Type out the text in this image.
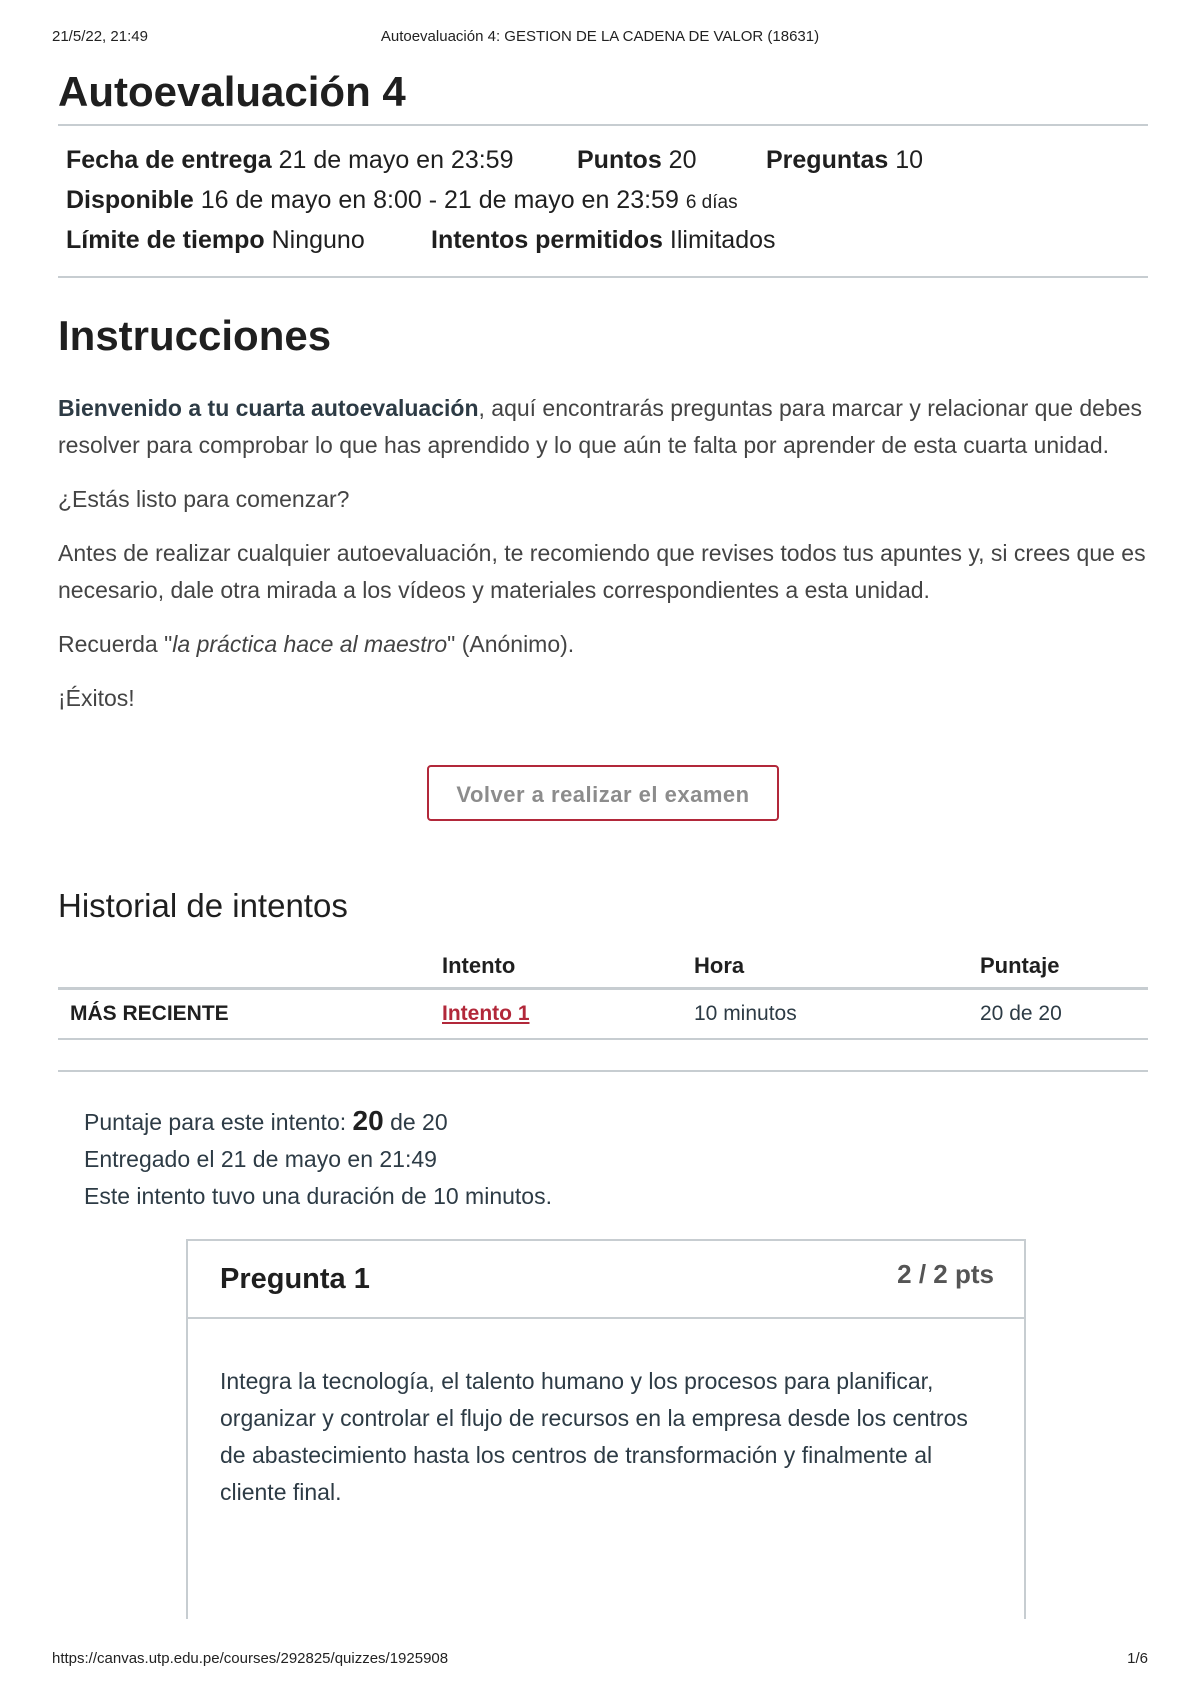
21/5/22, 21:49	Autoevaluación 4: GESTION DE LA CADENA DE VALOR (18631)
Autoevaluación 4
Fecha de entrega 21 de mayo en 23:59	Puntos 20	Preguntas 10
Disponible 16 de mayo en 8:00 - 21 de mayo en 23:59 6 días
Límite de tiempo Ninguno	Intentos permitidos Ilimitados
Instrucciones

Bienvenido a tu cuarta autoevaluación, aquí encontrarás preguntas para marcar y relacionar que debes resolver para comprobar lo que has aprendido y lo que aún te falta por aprender de esta cuarta unidad.

¿Estás listo para comenzar?

Antes de realizar cualquier autoevaluación, te recomiendo que revises todos tus apuntes y, si crees que es necesario, dale otra mirada a los vídeos y materiales correspondientes a esta unidad.

Recuerda "la práctica hace al maestro" (Anónimo).

¡Éxitos!

Volver a realizar el examen
Historial de intentos
	Intento	Hora	Puntaje
MÁS RECIENTE	Intento 1	10 minutos	20 de 20
Puntaje para este intento: 20 de 20
Entregado el 21 de mayo en 21:49
Este intento tuvo una duración de 10 minutos.
Pregunta 1	2 / 2 pts
Integra la tecnología, el talento humano y los procesos para planificar, organizar y controlar el flujo de recursos en la empresa desde los centros de abastecimiento hasta los centros de transformación y finalmente al cliente final.
https://canvas.utp.edu.pe/courses/292825/quizzes/1925908	1/6
